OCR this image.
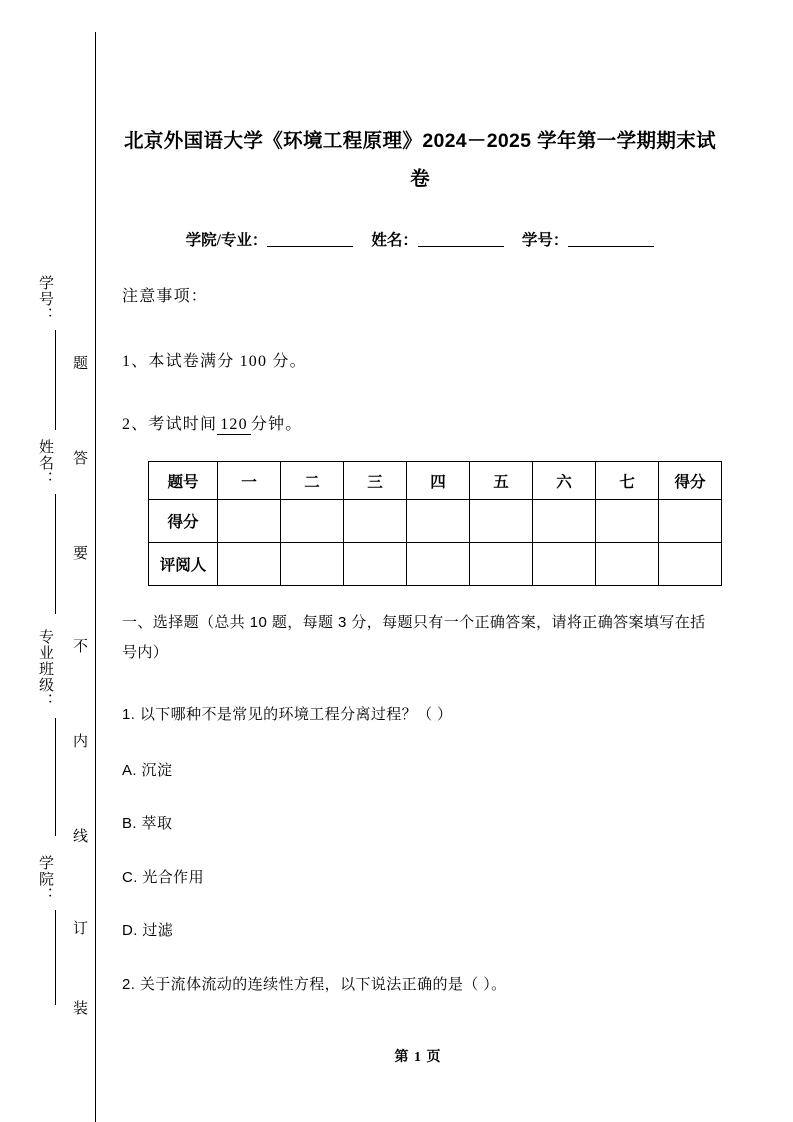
学号：
姓名：
专业班级：
学院：
题
答
要
不
内
线
订
装
北京外国语大学《环境工程原理》2024－2025 学年第一学期期末试卷
学院/专业：	姓名：	学号：
注意事项：
1、本试卷满分 100 分。
2、考试时间 120 分钟。
题号	一	二	三	四	五	六	七	得分
得分								
评阅人								
一、选择题（总共 10 题，每题 3 分，每题只有一个正确答案，请将正确答案填写在括号内）
1. 以下哪种不是常见的环境工程分离过程？（ ）
A. 沉淀
B. 萃取
C. 光合作用
D. 过滤
2. 关于流体流动的连续性方程，以下说法正确的是（ ）。
第 1 页
